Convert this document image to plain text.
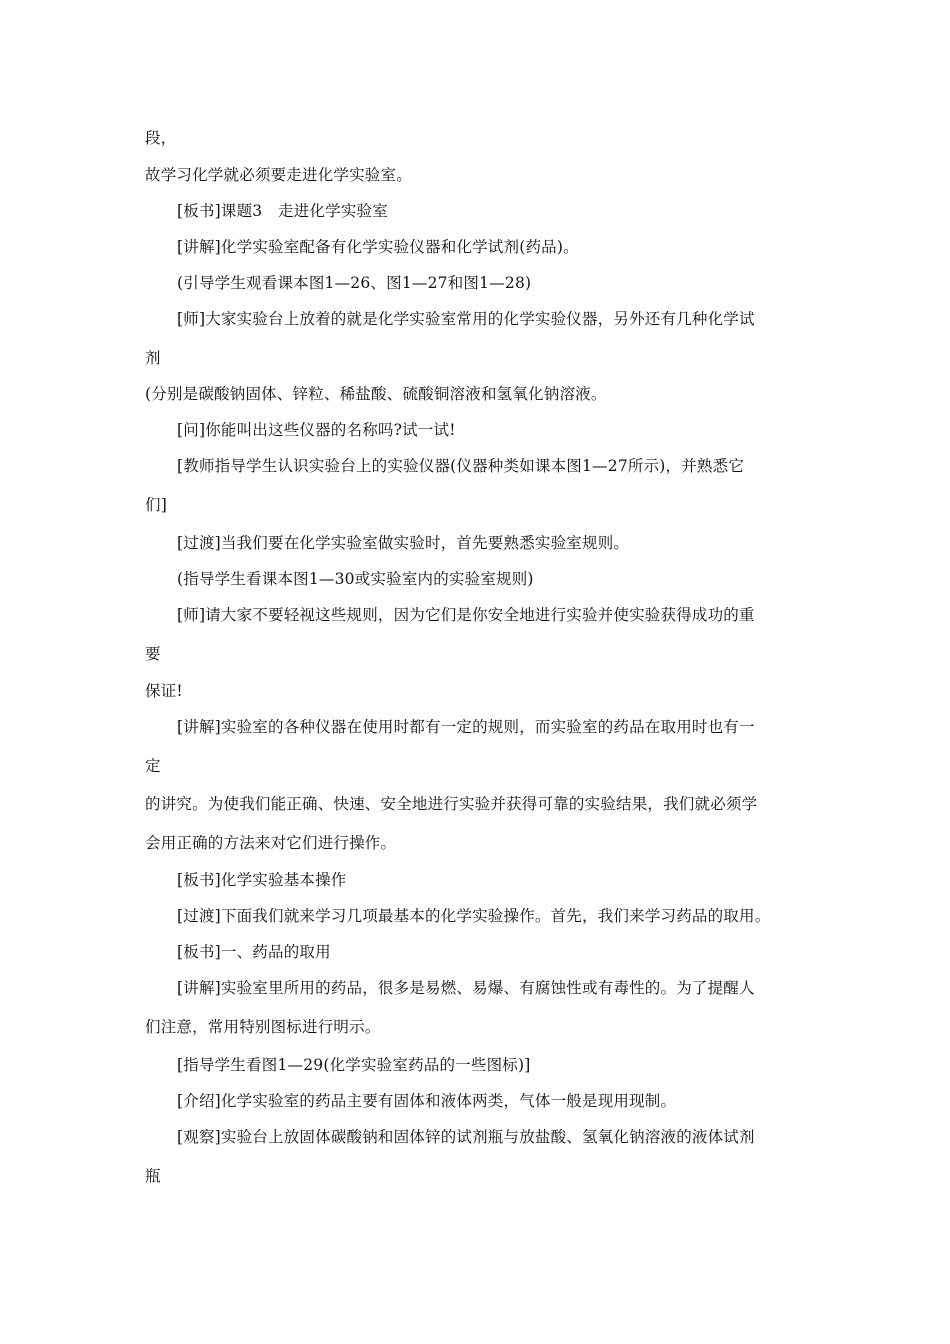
段，
故学习化学就必须要走进化学实验室。
[板书]课题3　走进化学实验室
[讲解]化学实验室配备有化学实验仪器和化学试剂(药品)。
(引导学生观看课本图1—26、图1—27和图1—28)
[师]大家实验台上放着的就是化学实验室常用的化学实验仪器，另外还有几种化学试
剂
(分别是碳酸钠固体、锌粒、稀盐酸、硫酸铜溶液和氢氧化钠溶液。
[问]你能叫出这些仪器的名称吗?试一试!
[教师指导学生认识实验台上的实验仪器(仪器种类如课本图1—27所示)，并熟悉它
们]
[过渡]当我们要在化学实验室做实验时，首先要熟悉实验室规则。
(指导学生看课本图1—30或实验室内的实验室规则)
[师]请大家不要轻视这些规则，因为它们是你安全地进行实验并使实验获得成功的重
要
保证!
[讲解]实验室的各种仪器在使用时都有一定的规则，而实验室的药品在取用时也有一
定
的讲究。为使我们能正确、快速、安全地进行实验并获得可靠的实验结果，我们就必须学
会用正确的方法来对它们进行操作。
[板书]化学实验基本操作
[过渡]下面我们就来学习几项最基本的化学实验操作。首先，我们来学习药品的取用。
[板书]一、药品的取用
[讲解]实验室里所用的药品，很多是易燃、易爆、有腐蚀性或有毒性的。为了提醒人
们注意，常用特别图标进行明示。
[指导学生看图1—29(化学实验室药品的一些图标)]
[介绍]化学实验室的药品主要有固体和液体两类，气体一般是现用现制。
[观察]实验台上放固体碳酸钠和固体锌的试剂瓶与放盐酸、氢氧化钠溶液的液体试剂
瓶
